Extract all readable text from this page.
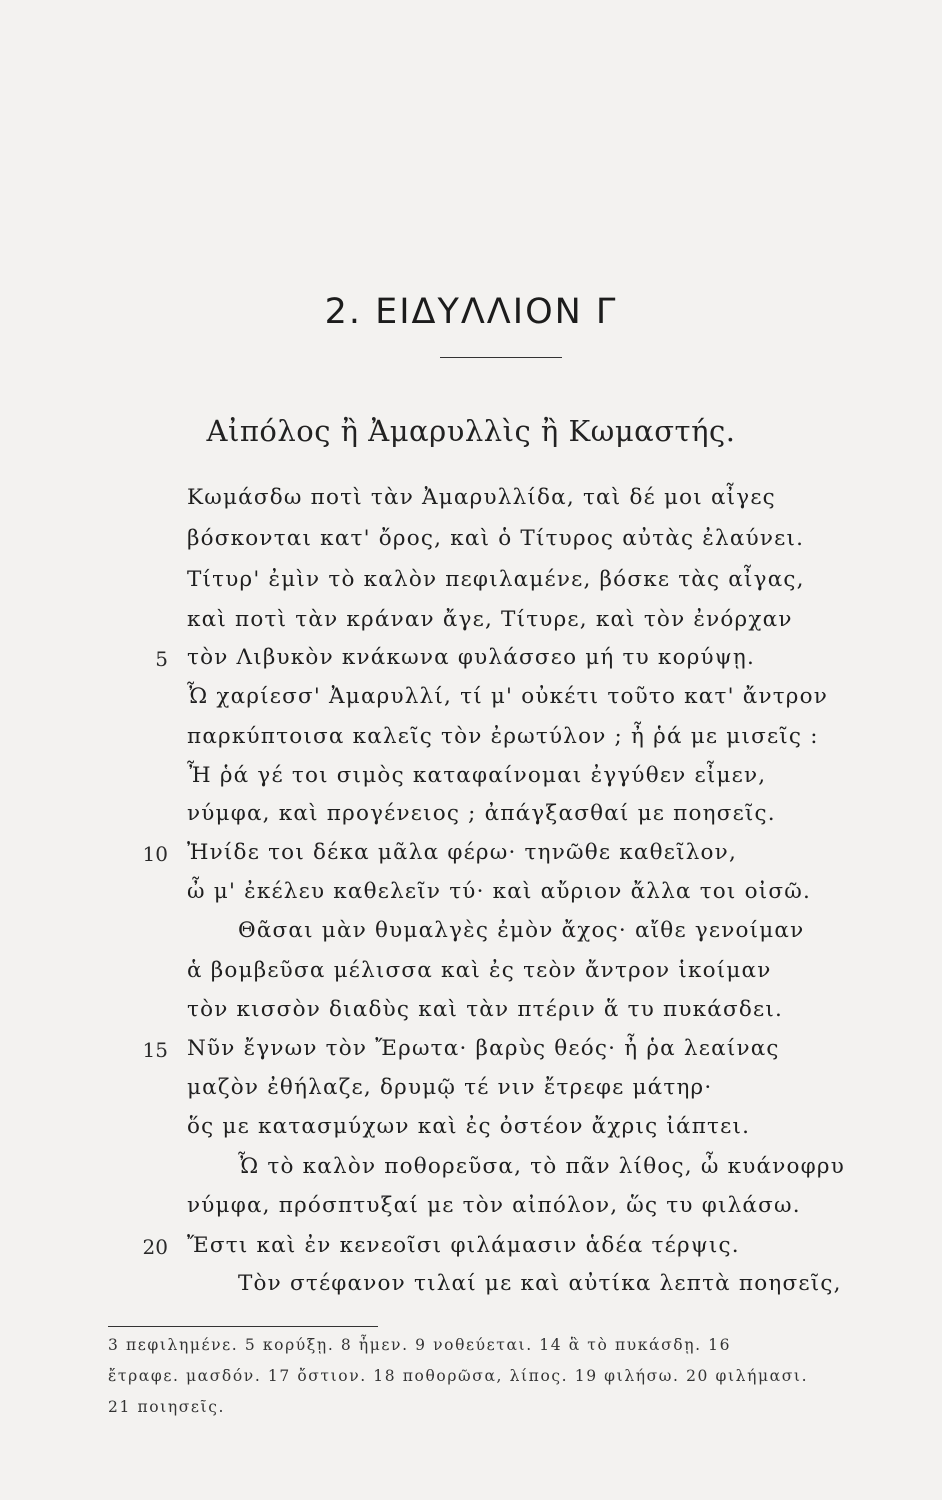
2. ΕΙΔΥΛΛΙΟΝ Γ
Αἰπόλος ἢ Ἀμαρυλλὶς ἢ Κωμαστής.
Κωμάσδω ποτὶ τὰν Ἀμαρυλλίδα, ταὶ δέ μοι αἶγες
βόσκονται κατ' ὄρος, καὶ ὁ Τίτυρος αὐτὰς ἐλαύνει.
Τίτυρ' ἐμὶν τὸ καλὸν πεφιλαμένε, βόσκε τὰς αἶγας,
καὶ ποτὶ τὰν κράναν ἄγε, Τίτυρε, καὶ τὸν ἐνόρχαν
τὸν Λιβυκὸν κνάκωνα φυλάσσεο μή τυ κορύψῃ.
Ὦ χαρίεσσ' Ἀμαρυλλί, τί μ' οὐκέτι τοῦτο κατ' ἄντρον
παρκύπτοισα καλεῖς τὸν ἐρωτύλον ; ἦ ῥά με μισεῖς :
Ἦ ῥά γέ τοι σιμὸς καταφαίνομαι ἐγγύθεν εἶμεν,
νύμφα, καὶ προγένειος ; ἀπάγξασθαί με ποησεῖς.
Ἠνίδε τοι δέκα μᾶλα φέρω· τηνῶθε καθεῖλον,
ὦ μ' ἐκέλευ καθελεῖν τύ· καὶ αὔριον ἄλλα τοι οἰσῶ.
Θᾶσαι μὰν θυμαλγὲς ἐμὸν ἄχος· αἴθε γενοίμαν
ἁ βομβεῦσα μέλισσα καὶ ἐς τεὸν ἄντρον ἱκοίμαν
τὸν κισσὸν διαδὺς καὶ τὰν πτέριν ἅ τυ πυκάσδει.
Νῦν ἔγνων τὸν Ἔρωτα· βαρὺς θεός· ἦ ῥα λεαίνας
μαζὸν ἐθήλαζε, δρυμῷ τέ νιν ἔτρεφε μάτηρ·
ὅς με κατασμύχων καὶ ἐς ὀστέον ἄχρις ἰάπτει.
Ὦ τὸ καλὸν ποθορεῦσα, τὸ πᾶν λίθος, ὦ κυάνοφρυ
νύμφα, πρόσπτυξαί με τὸν αἰπόλον, ὥς τυ φιλάσω.
Ἔστι καὶ ἐν κενεοῖσι φιλάμασιν ἁδέα τέρψις.
Τὸν στέφανον τιλαί με καὶ αὐτίκα λεπτὰ ποησεῖς,
5
10
15
20
3 πεφιλημένε. 5 κορύξῃ. 8 ἦμεν. 9 νοθεύεται. 14 ἃ τὸ πυκάσδῃ. 16
ἔτραφε. μασδόν. 17 ὄστιον. 18 ποθορῶσα, λίπος. 19 φιλήσω. 20 φιλήμασι.
21 ποιησεῖς.
